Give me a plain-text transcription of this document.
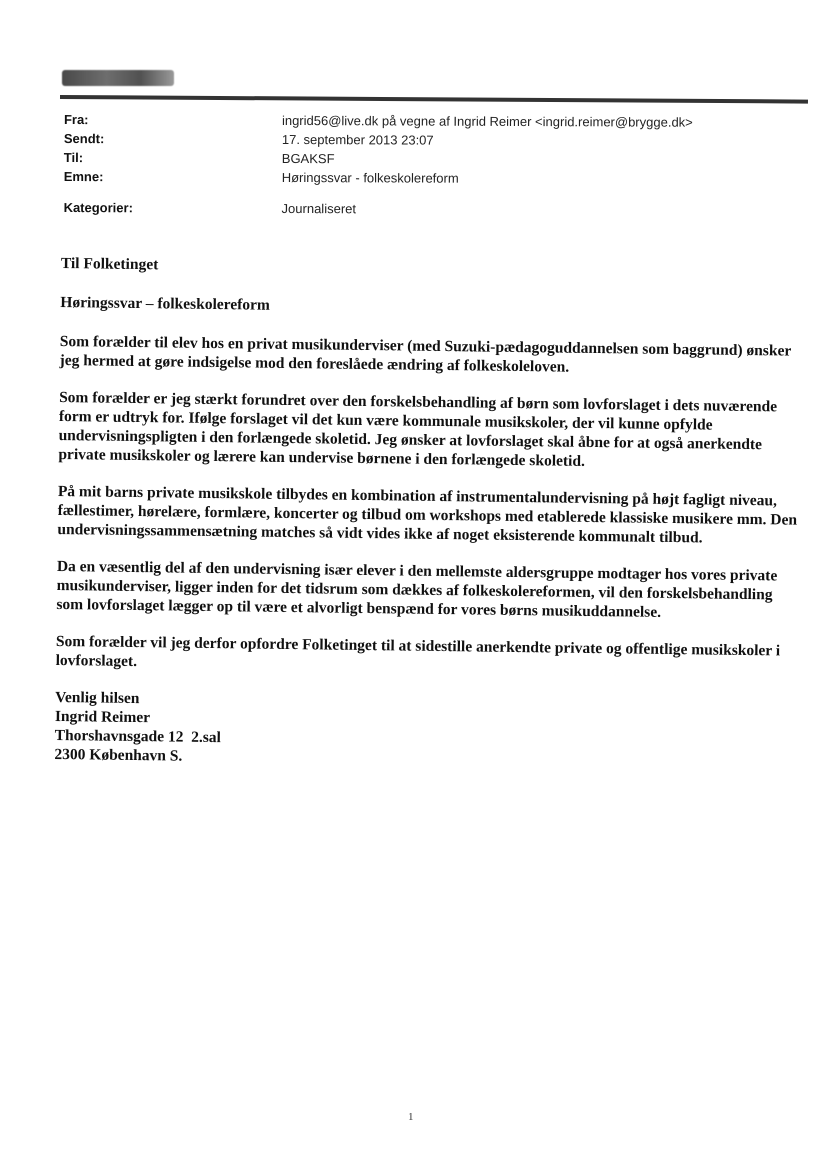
Fra:	ingrid56@live.dk på vegne af Ingrid Reimer <ingrid.reimer@brygge.dk>
Sendt:	17. september 2013 23:07
Til:	BGAKSF
Emne:	Høringssvar - folkeskolereform
Kategorier:	Journaliseret

Til Folketinget

Høringssvar – folkeskolereform

Som forælder til elev hos en privat musikunderviser (med Suzuki-pædagoguddannelsen som baggrund) ønsker jeg hermed at gøre indsigelse mod den foreslåede ændring af folkeskoleloven.

Som forælder er jeg stærkt forundret over den forskelsbehandling af børn som lovforslaget i dets nuværende form er udtryk for. Ifølge forslaget vil det kun være kommunale musikskoler, der vil kunne opfylde undervisningspligten i den forlængede skoletid. Jeg ønsker at lovforslaget skal åbne for at også anerkendte private musikskoler og lærere kan undervise børnene i den forlængede skoletid.

På mit barns private musikskole tilbydes en kombination af instrumentalundervisning på højt fagligt niveau, fællestimer, hørelære, formlære, koncerter og tilbud om workshops med etablerede klassiske musikere mm. Den undervisningssammensætning matches så vidt vides ikke af noget eksisterende kommunalt tilbud.

Da en væsentlig del af den undervisning især elever i den mellemste aldersgruppe modtager hos vores private musikunderviser, ligger inden for det tidsrum som dækkes af folkeskolereformen, vil den forskelsbehandling som lovforslaget lægger op til være et alvorligt benspænd for vores børns musikuddannelse.

Som forælder vil jeg derfor opfordre Folketinget til at sidestille anerkendte private og offentlige musikskoler i lovforslaget.

Venlig hilsen
Ingrid Reimer
Thorshavnsgade 12  2.sal
2300 København S.
1
